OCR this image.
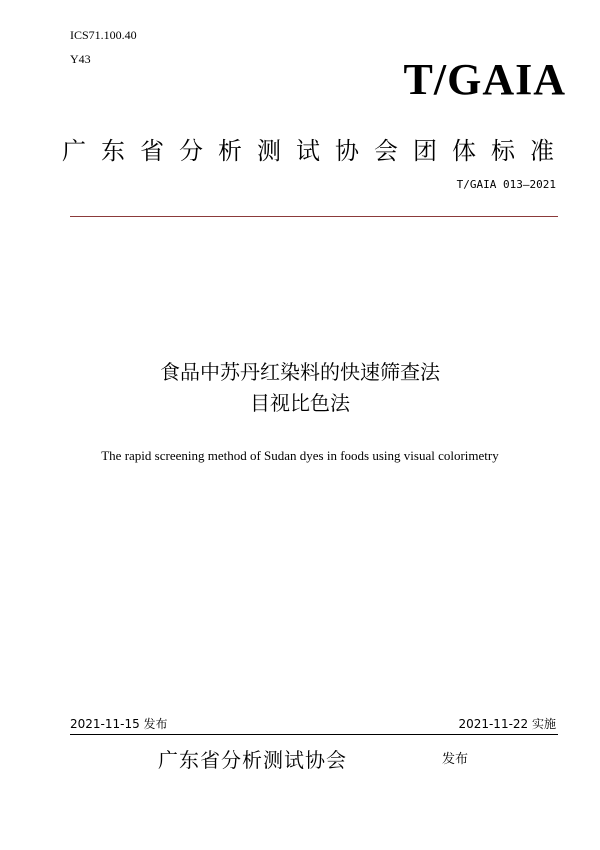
ICS71.100.40
Y43	T/GAIA
广东省分析测试协会团体标准
T/GAIA 013—2021
食品中苏丹红染料的快速筛查法
目视比色法
The rapid screening method of Sudan dyes in foods using visual colorimetry
2021-11-15 发布	2021-11-22 实施
广东省分析测试协会	发布
